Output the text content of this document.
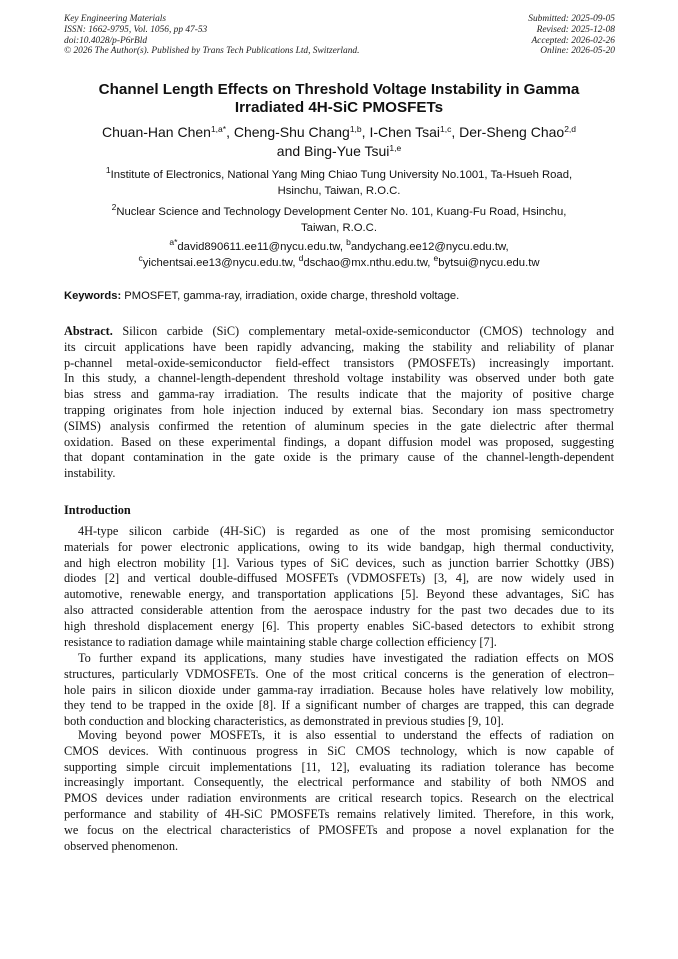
Key Engineering Materials
ISSN: 1662-9795, Vol. 1056, pp 47-53
doi:10.4028/p-P6rBld
© 2026 The Author(s). Published by Trans Tech Publications Ltd, Switzerland.
Submitted: 2025-09-05
Revised: 2025-12-08
Accepted: 2026-02-26
Online: 2026-05-20
Channel Length Effects on Threshold Voltage Instability in Gamma
Irradiated 4H-SiC PMOSFETs
Chuan-Han Chen$^{1,a*}$, Cheng-Shu Chang$^{1,b}$, I-Chen Tsai$^{1,c}$, Der-Sheng Chao$^{2,d}$
and Bing-Yue Tsui$^{1,e}$
$^1$Institute of Electronics, National Yang Ming Chiao Tung University No.1001, Ta-Hsueh Road,
Hsinchu, Taiwan, R.O.C.
$^2$Nuclear Science and Technology Development Center No. 101, Kuang-Fu Road, Hsinchu,
Taiwan, R.O.C.
$^{a*}$david890611.ee11@nycu.edu.tw, $^b$andychang.ee12@nycu.edu.tw,
$^c$yichentsai.ee13@nycu.edu.tw, $^d$dschao@mx.nthu.edu.tw, $^e$bytsui@nycu.edu.tw
Keywords: PMOSFET, gamma-ray, irradiation, oxide charge, threshold voltage.
Abstract. Silicon carbide (SiC) complementary metal-oxide-semiconductor (CMOS) technology and
its circuit applications have been rapidly advancing, making the stability and reliability of planar
p-channel metal-oxide-semiconductor field-effect transistors (PMOSFETs) increasingly important.
In this study, a channel-length-dependent threshold voltage instability was observed under both gate
bias stress and gamma-ray irradiation. The results indicate that the majority of positive charge
trapping originates from hole injection induced by external bias. Secondary ion mass spectrometry
(SIMS) analysis confirmed the retention of aluminum species in the gate dielectric after thermal
oxidation. Based on these experimental findings, a dopant diffusion model was proposed, suggesting
that dopant contamination in the gate oxide is the primary cause of the channel-length-dependent
instability.
Introduction
4H-type silicon carbide (4H-SiC) is regarded as one of the most promising semiconductor
materials for power electronic applications, owing to its wide bandgap, high thermal conductivity,
and high electron mobility [1]. Various types of SiC devices, such as junction barrier Schottky (JBS)
diodes [2] and vertical double-diffused MOSFETs (VDMOSFETs) [3, 4], are now widely used in
automotive, renewable energy, and transportation applications [5]. Beyond these advantages, SiC has
also attracted considerable attention from the aerospace industry for the past two decades due to its
high threshold displacement energy [6]. This property enables SiC-based detectors to exhibit strong
resistance to radiation damage while maintaining stable charge collection efficiency [7].
To further expand its applications, many studies have investigated the radiation effects on MOS
structures, particularly VDMOSFETs. One of the most critical concerns is the generation of electron–
hole pairs in silicon dioxide under gamma-ray irradiation. Because holes have relatively low mobility,
they tend to be trapped in the oxide [8]. If a significant number of charges are trapped, this can degrade
both conduction and blocking characteristics, as demonstrated in previous studies [9, 10].
Moving beyond power MOSFETs, it is also essential to understand the effects of radiation on
CMOS devices. With continuous progress in SiC CMOS technology, which is now capable of
supporting simple circuit implementations [11, 12], evaluating its radiation tolerance has become
increasingly important. Consequently, the electrical performance and stability of both NMOS and
PMOS devices under radiation environments are critical research topics. Research on the electrical
performance and stability of 4H-SiC PMOSFETs remains relatively limited. Therefore, in this work,
we focus on the electrical characteristics of PMOSFETs and propose a novel explanation for the
observed phenomenon.
